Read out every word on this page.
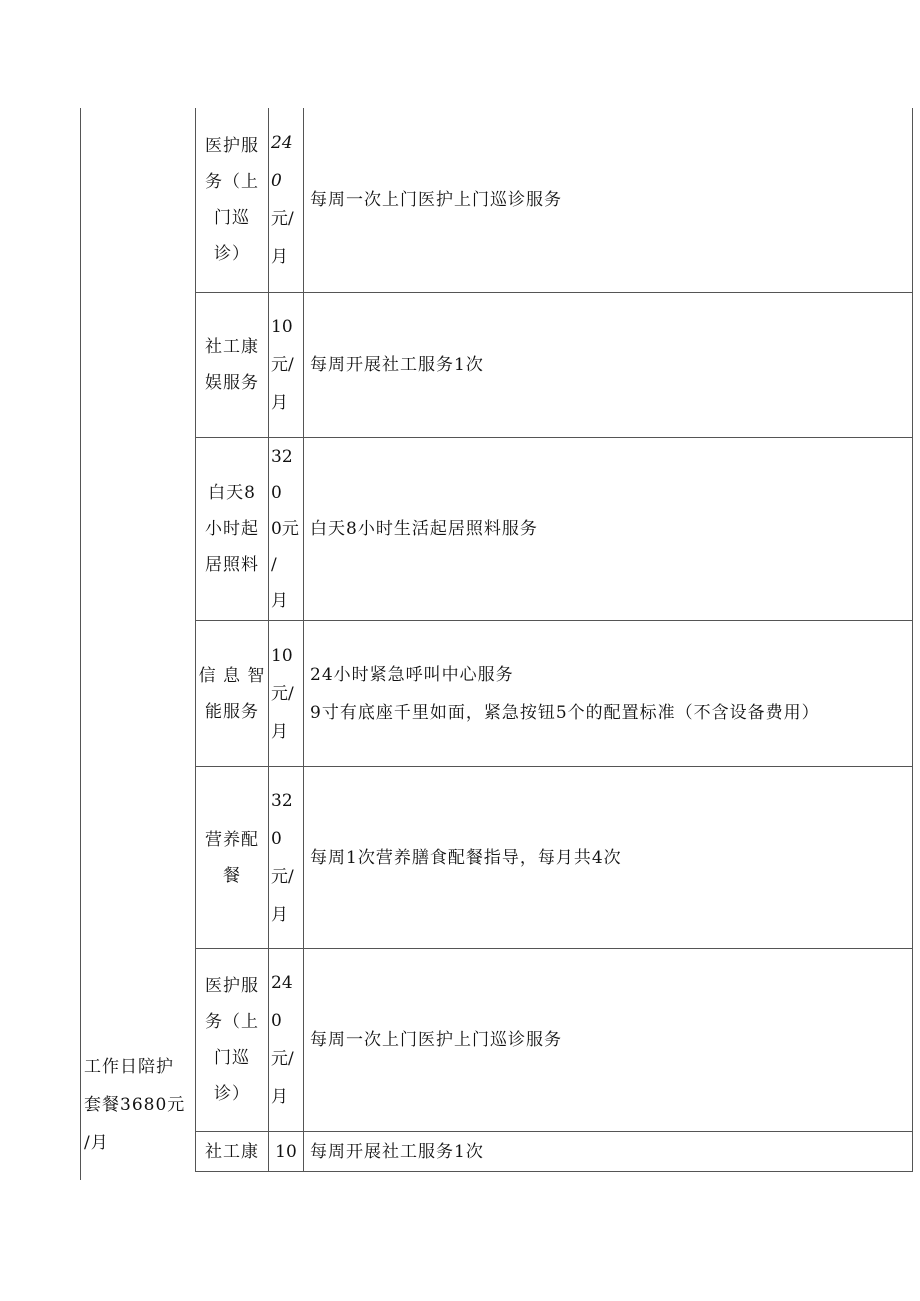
工作日陪护
套餐3680元
/月
医护服
务（上
门巡
诊）
240
元/
月
每周一次上门医护上门巡诊服务
社工康
娱服务
10
元/
月
每周开展社工服务1次
白天8
小时起
居照料
320
0元
/
月
白天8小时生活起居照料服务
信 息 智
能服务
10
元/
月
24小时紧急呼叫中心服务
9寸有底座千里如面，紧急按钮5个的配置标准（不含设备费用）
营养配
餐
320
元/
月
每周1次营养膳食配餐指导，每月共4次
医护服
务（上
门巡
诊）
240
元/
月
每周一次上门医护上门巡诊服务
社工康 10 每周开展社工服务1次
